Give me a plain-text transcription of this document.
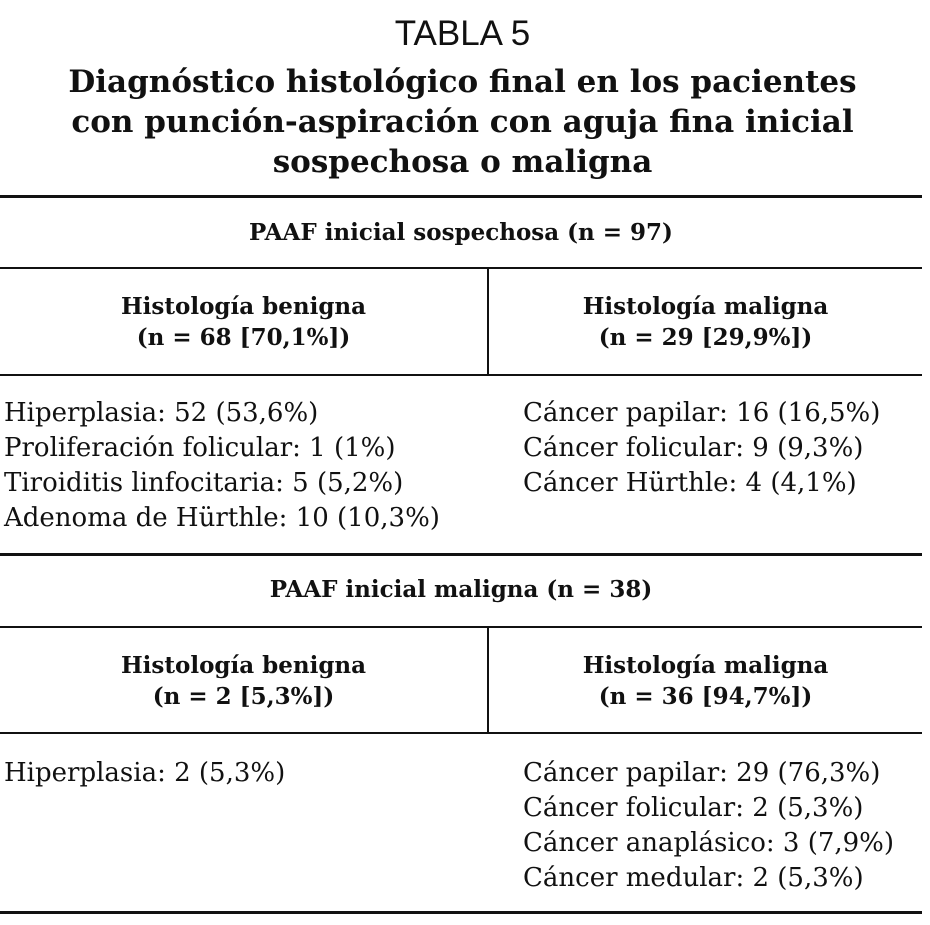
TABLA 5
Diagnóstico histológico final en los pacientes
con punción-aspiración con aguja fina inicial
sospechosa o maligna
PAAF inicial sospechosa (n = 97)
Histología benigna
(n = 68 [70,1%])
Histología maligna
(n = 29 [29,9%])
Hiperplasia: 52 (53,6%)
Proliferación folicular: 1 (1%)
Tiroiditis linfocitaria: 5 (5,2%)
Adenoma de Hürthle: 10 (10,3%)
Cáncer papilar: 16 (16,5%)
Cáncer folicular: 9 (9,3%)
Cáncer Hürthle: 4 (4,1%)
PAAF inicial maligna (n = 38)
Histología benigna
(n = 2 [5,3%])
Histología maligna
(n = 36 [94,7%])
Hiperplasia: 2 (5,3%)	Cáncer papilar: 29 (76,3%)
Cáncer folicular: 2 (5,3%)
Cáncer anaplásico: 3 (7,9%)
Cáncer medular: 2 (5,3%)
